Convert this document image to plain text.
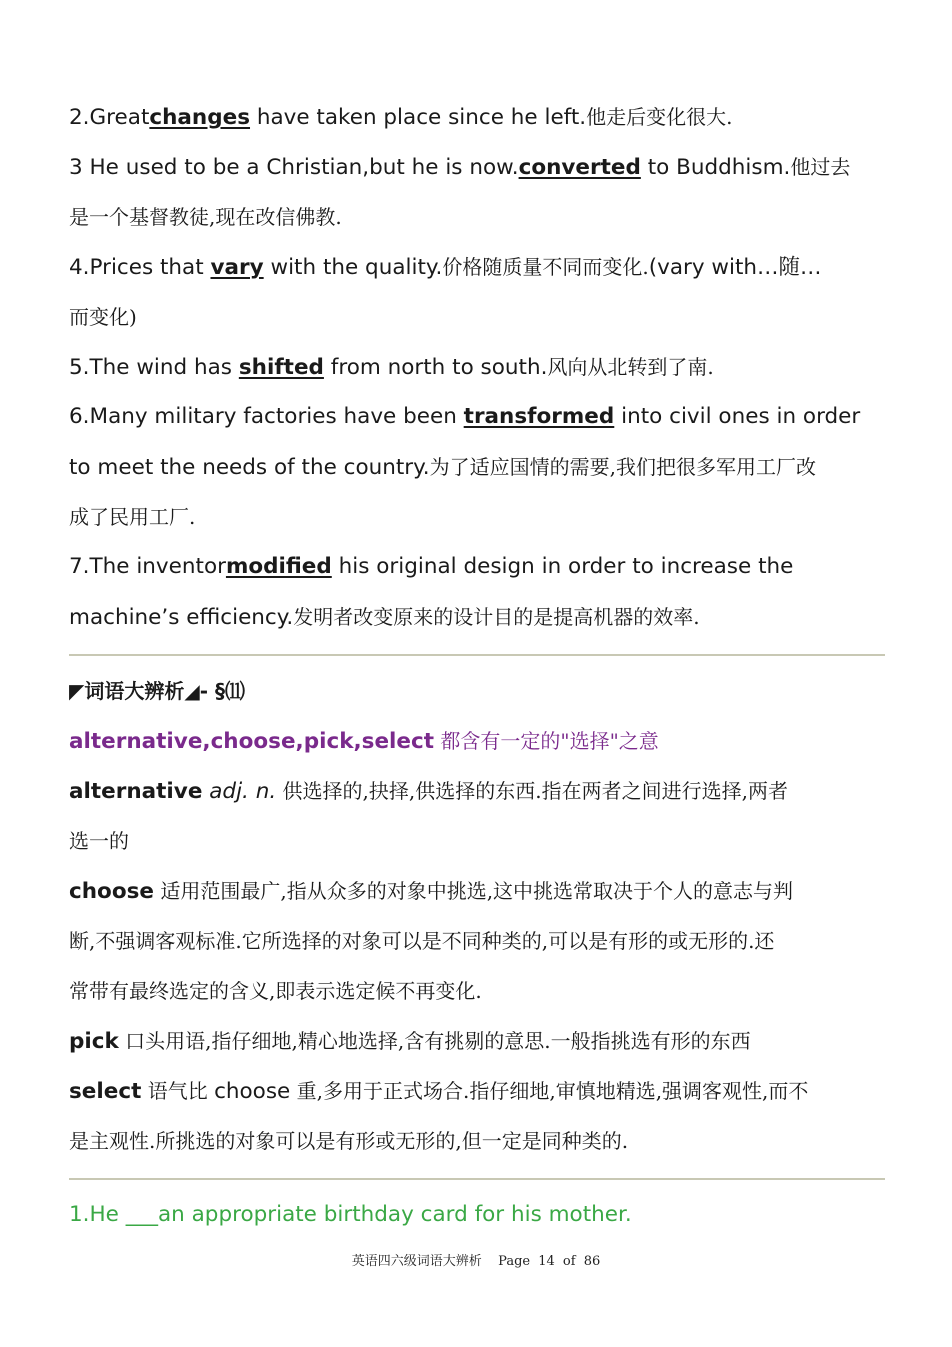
2.Greatchanges have taken place since he left.他走后变化很大.
3 He used to be a Christian,but he is now.converted to Buddhism.他过去
是一个基督教徒,现在改信佛教.
4.Prices that vary with the quality.价格随质量不同而变化.(vary with…随…
而变化)
5.The wind has shifted from north to south.风向从北转到了南.
6.Many military factories have been transformed into civil ones in order
to meet the needs of the country.为了适应国情的需要,我们把很多军用工厂改
成了民用工厂.
7.The inventormodified his original design in order to increase the
machine’s efficiency.发明者改变原来的设计目的是提高机器的效率.
◤词语大辨析◢- §⑾
alternative,choose,pick,select 都含有一定的"选择"之意
alternative adj. n. 供选择的,抉择,供选择的东西.指在两者之间进行选择,两者
选一的
choose 适用范围最广,指从众多的对象中挑选,这中挑选常取决于个人的意志与判
断,不强调客观标准.它所选择的对象可以是不同种类的,可以是有形的或无形的.还
常带有最终选定的含义,即表示选定候不再变化.
pick 口头用语,指仔细地,精心地选择,含有挑剔的意思.一般指挑选有形的东西
select 语气比 choose 重,多用于正式场合.指仔细地,审慎地精选,强调客观性,而不
是主观性.所挑选的对象可以是有形或无形的,但一定是同种类的.
1.He ___an appropriate birthday card for his mother.
英语四六级词语大辨析 Page 14 of 86
